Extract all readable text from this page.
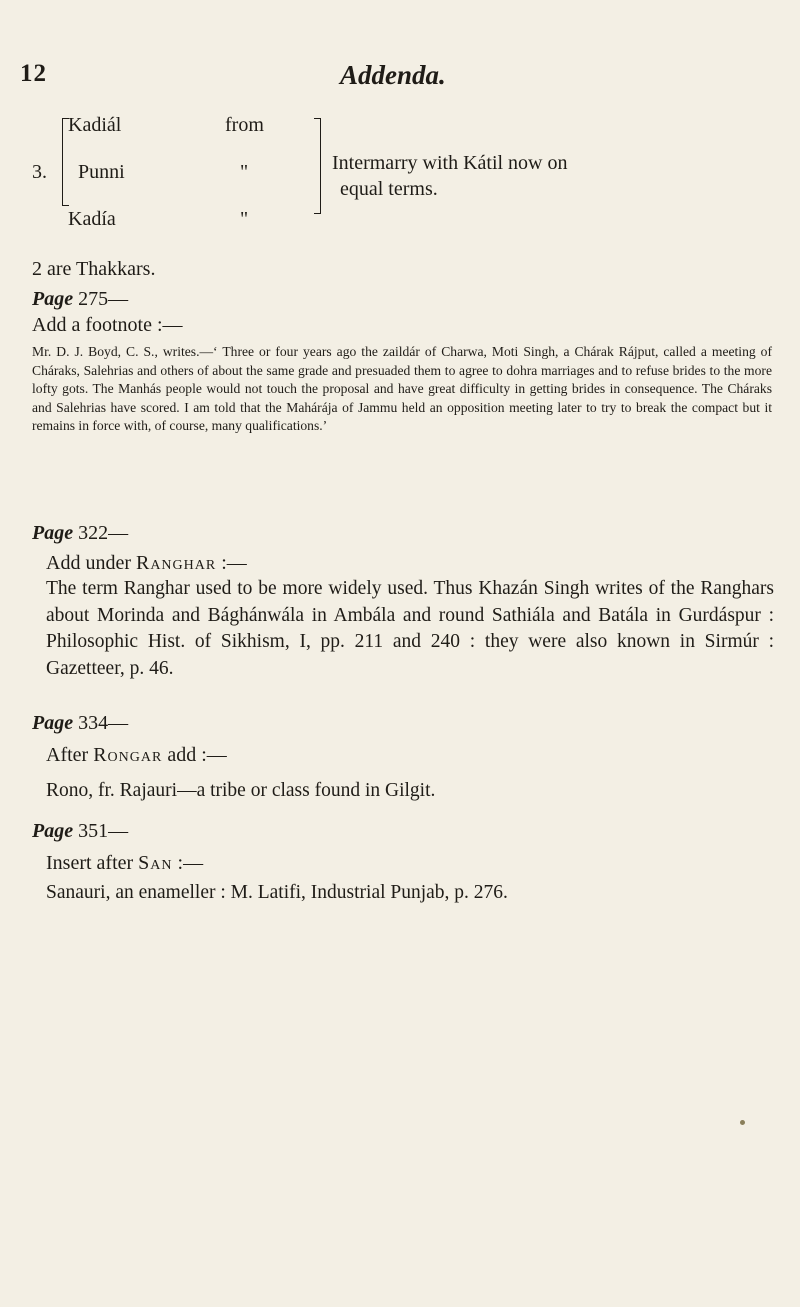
12	Addenda.
3.
Kadiál	from
Punni	"
Kadía	"
Intermarry with Kátil now on
equal terms.
2 are Thakkars.
Page 275—
Add a footnote :—
Mr. D. J. Boyd, C. S., writes.—‘ Three or four years ago the zaildár of Charwa, Moti Singh, a Chárak Rájput, called a meeting of Cháraks, Salehrias and others of about the same grade and presuaded them to agree to dohra marriages and to refuse brides to the more lofty gots. The Manhás people would not touch the proposal and have great difficulty in getting brides in consequence. The Cháraks and Salehrias have scored. I am told that the Mahárája of Jammu held an opposition meeting later to try to break the compact but it remains in force with, of course, many qualifications.’
Page 322—
Add under Ranghar :—
The term Ranghar used to be more widely used. Thus Khazán Singh writes of the Ranghars about Morinda and Bághánwála in Ambála and round Sathiála and Batála in Gurdáspur : Philosophic Hist. of Sikhism, I, pp. 211 and 240 : they were also known in Sirmúr : Gazetteer, p. 46.
Page 334—
After Rongar add :—
Rono, fr. Rajauri—a tribe or class found in Gilgit.
Page 351—
Insert after San :—
Sanauri, an enameller : M. Latifi, Industrial Punjab, p. 276.
